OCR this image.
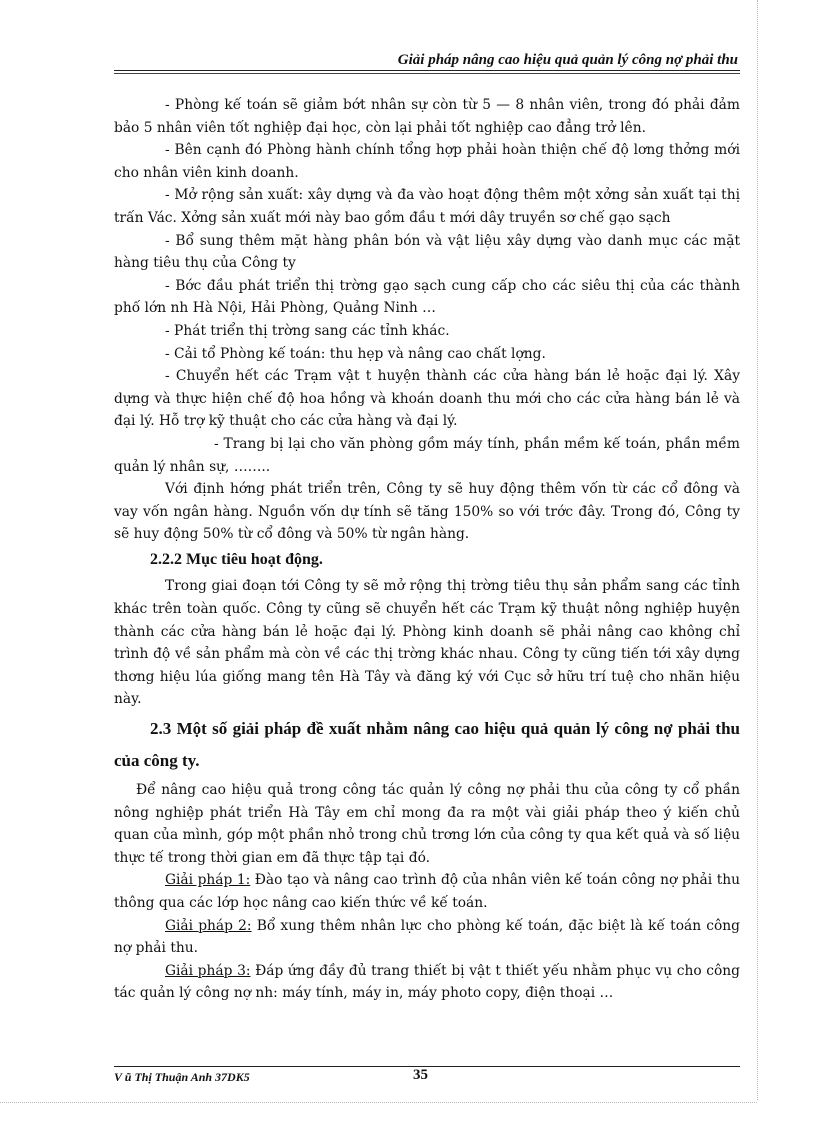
Giải pháp nâng cao hiệu quả quản lý công nợ phải thu

- Phòng kế toán sẽ giảm bớt nhân sự còn từ 5 — 8 nhân viên, trong đó phải đảm bảo 5 nhân viên tốt nghiệp đại học, còn lại phải tốt nghiệp cao đẳng trở lên.

- Bên cạnh đó Phòng hành chính tổng hợp phải hoàn thiện chế độ lơng thởng mới cho nhân viên kinh doanh.

- Mở rộng sản xuất: xây dựng và đa vào hoạt động thêm một xởng sản xuất tại thị trấn Vác. Xởng sản xuất mới này bao gồm đầu t mới dây truyền sơ chế gạo sạch

- Bổ sung thêm mặt hàng phân bón và vật liệu xây dựng vào danh mục các mặt hàng tiêu thụ của Công ty

- Bớc đầu phát triển thị trờng gạo sạch cung cấp cho các siêu thị của các thành phố lớn nh Hà Nội, Hải Phòng, Quảng Ninh …

- Phát triển thị trờng sang các tỉnh khác.

- Cải tổ Phòng kế toán: thu hẹp và nâng cao chất lợng.

- Chuyển hết các Trạm vật t huyện thành các cửa hàng bán lẻ hoặc đại lý. Xây dựng và thực hiện chế độ hoa hồng và khoán doanh thu mới cho các cửa hàng bán lẻ và đại lý. Hỗ trợ kỹ thuật cho các cửa hàng và đại lý.

- Trang bị lại cho văn phòng gồm máy tính, phần mềm kế toán, phần mềm quản lý nhân sự, ……..

Với định hớng phát triển trên, Công ty sẽ huy động thêm vốn từ các cổ đông và vay vốn ngân hàng. Nguồn vốn dự tính sẽ tăng 150% so với trớc đây. Trong đó, Công ty sẽ huy động 50% từ cổ đông và 50% từ ngân hàng.

2.2.2 Mục tiêu hoạt động.

Trong giai đoạn tới Công ty sẽ mở rộng thị trờng tiêu thụ sản phẩm sang các tỉnh khác trên toàn quốc. Công ty cũng sẽ chuyển hết các Trạm kỹ thuật nông nghiệp huyện thành các cửa hàng bán lẻ hoặc đại lý. Phòng kinh doanh sẽ phải nâng cao không chỉ trình độ về sản phẩm mà còn về các thị trờng khác nhau. Công ty cũng tiến tới xây dựng thơng hiệu lúa giống mang tên Hà Tây và đăng ký với Cục sở hữu trí tuệ cho nhãn hiệu này.

2.3 Một số giải pháp đề xuất nhằm nâng cao hiệu quả quản lý công nợ phải thu của công ty.

Để nâng cao hiệu quả trong công tác quản lý công nợ phải thu của công ty cổ phần nông nghiệp phát triển Hà Tây em chỉ mong đa ra một vài giải pháp theo ý kiến chủ quan của mình, góp một phần nhỏ trong chủ trơng lớn của công ty qua kết quả và số liệu thực tế trong thời gian em đã thực tập tại đó.

Giải pháp 1: Đào tạo và nâng cao trình độ của nhân viên kế toán công nợ phải thu thông qua các lớp học nâng cao kiến thức về kế toán.

Giải pháp 2: Bổ xung thêm nhân lực cho phòng kế toán, đặc biệt là kế toán công nợ phải thu.

Giải pháp 3: Đáp ứng đầy đủ trang thiết bị vật t thiết yếu nhằm phục vụ cho công tác quản lý công nợ nh: máy tính, máy in, máy photo copy, điện thoại …

V ũ Thị Thuận Anh 37DK5	35
